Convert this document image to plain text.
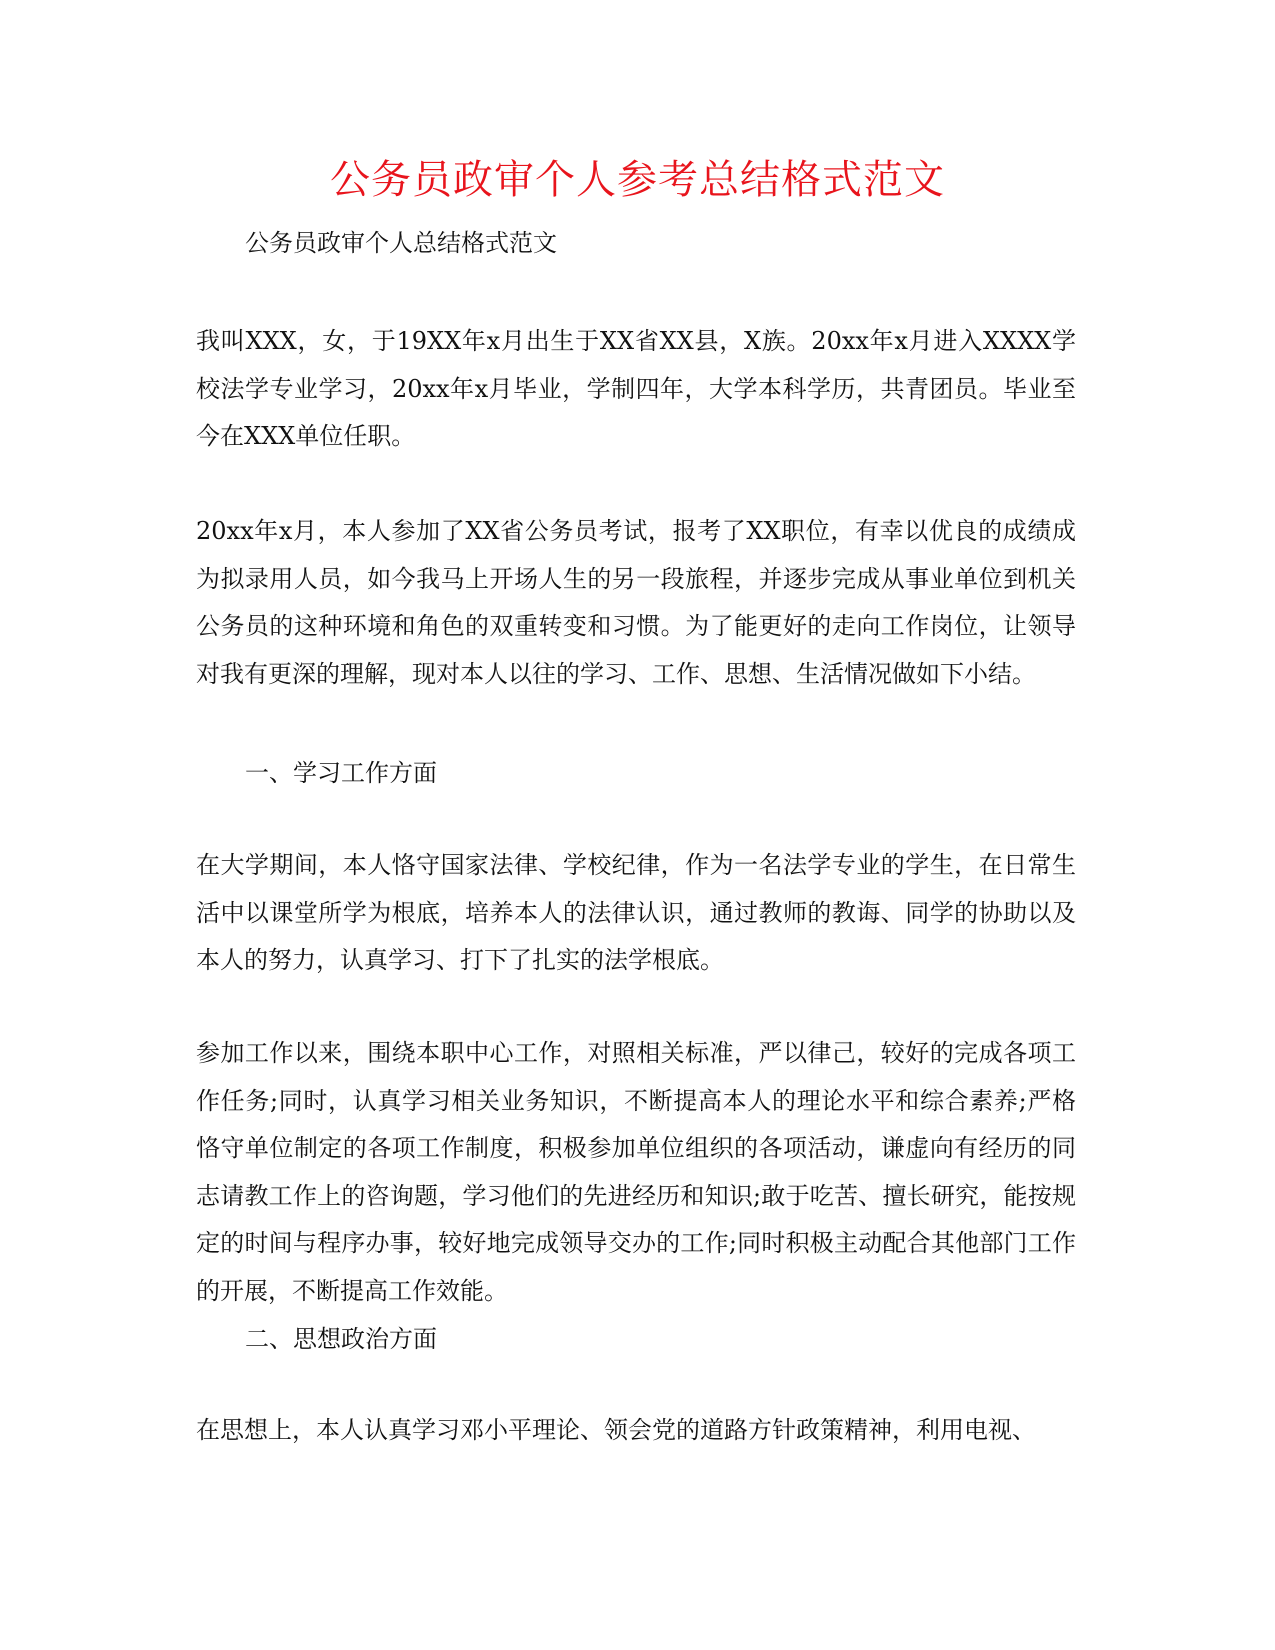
公务员政审个人参考总结格式范文

公务员政审个人总结格式范文

我叫XXX，女，于19XX年x月出生于XX省XX县，X族。20xx年x月进入XXXX学校法学专业学习，20xx年x月毕业，学制四年，大学本科学历，共青团员。毕业至今在XXX单位任职。

20xx年x月，本人参加了XX省公务员考试，报考了XX职位，有幸以优良的成绩成为拟录用人员，如今我马上开场人生的另一段旅程，并逐步完成从事业单位到机关公务员的这种环境和角色的双重转变和习惯。为了能更好的走向工作岗位，让领导对我有更深的理解，现对本人以往的学习、工作、思想、生活情况做如下小结。

一、学习工作方面

在大学期间，本人恪守国家法律、学校纪律，作为一名法学专业的学生，在日常生活中以课堂所学为根底，培养本人的法律认识，通过教师的教诲、同学的协助以及本人的努力，认真学习、打下了扎实的法学根底。

参加工作以来，围绕本职中心工作，对照相关标准，严以律己，较好的完成各项工作任务;同时，认真学习相关业务知识，不断提高本人的理论水平和综合素养;严格恪守单位制定的各项工作制度，积极参加单位组织的各项活动，谦虚向有经历的同志请教工作上的咨询题，学习他们的先进经历和知识;敢于吃苦、擅长研究，能按规定的时间与程序办事，较好地完成领导交办的工作;同时积极主动配合其他部门工作的开展，不断提高工作效能。

二、思想政治方面

在思想上，本人认真学习邓小平理论、领会党的道路方针政策精神，利用电视、
